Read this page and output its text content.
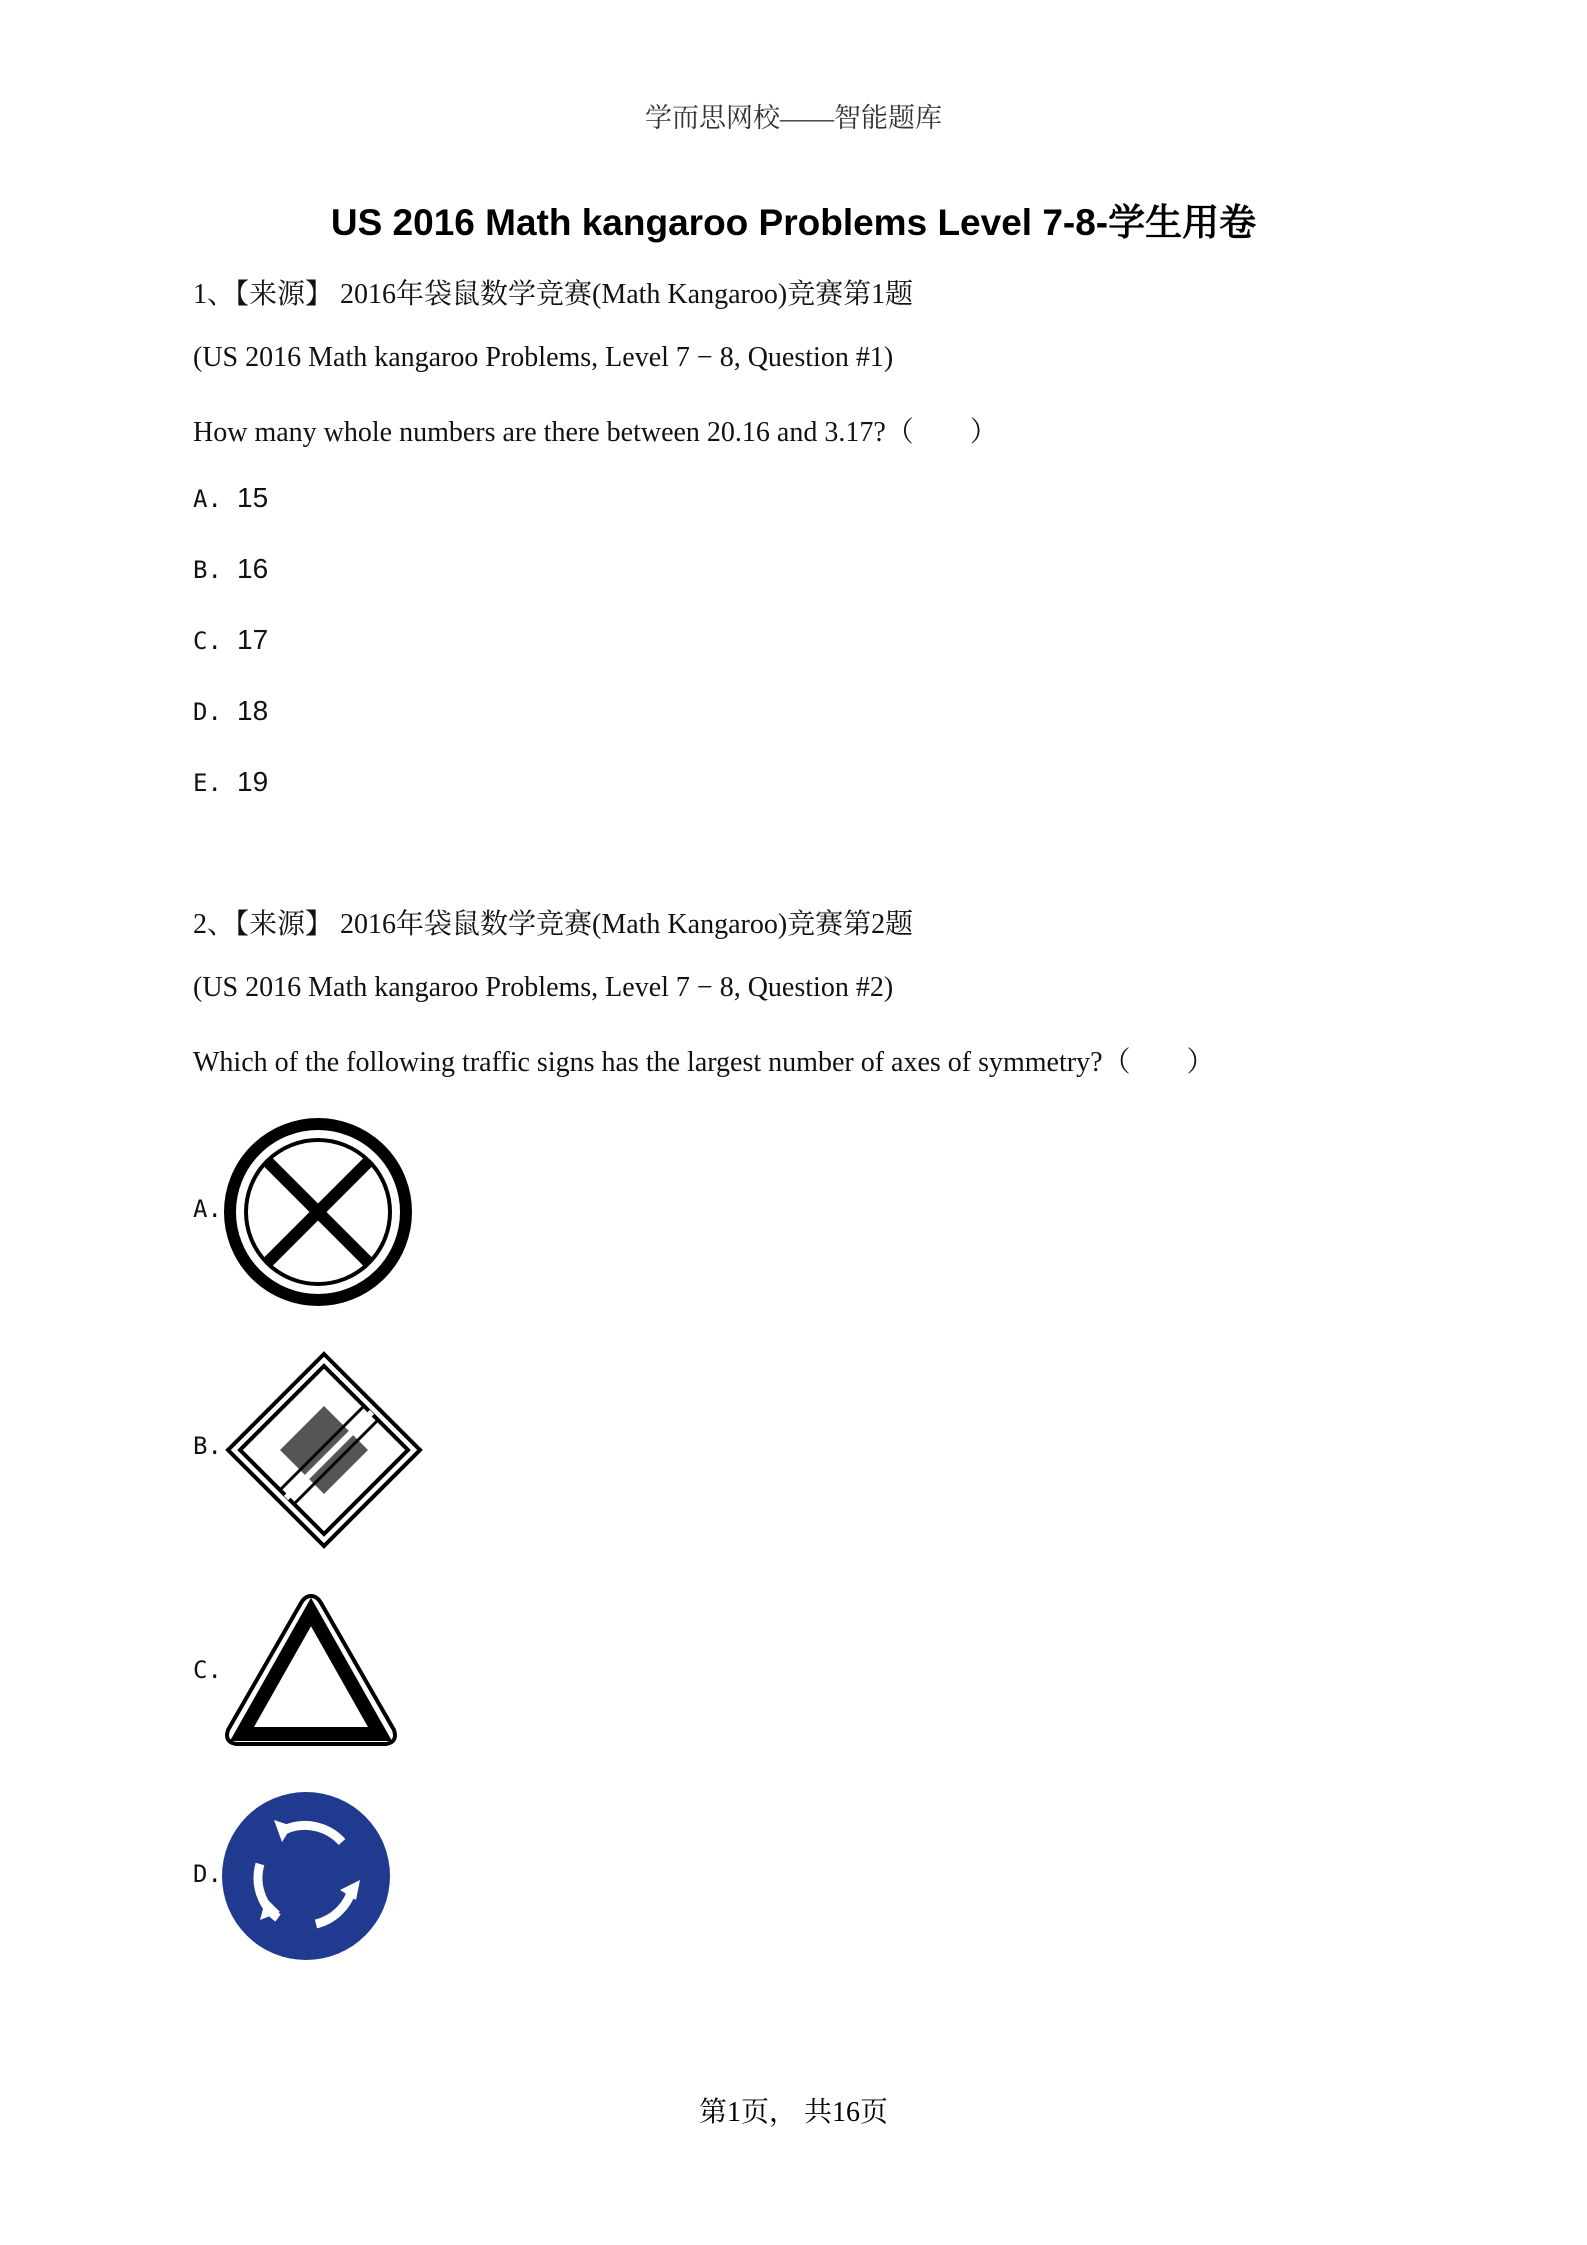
学而思网校——智能题库
US 2016 Math kangaroo Problems Level 7-8-学生用卷
1、【来源】 2016年袋鼠数学竞赛(Math Kangaroo)竞赛第1题
(US 2016 Math kangaroo Problems, Level 7 − 8, Question #1)
How many whole numbers are there between 20.16 and 3.17?（　　）
A. 15
B. 16
C. 17
D. 18
E. 19
2、【来源】 2016年袋鼠数学竞赛(Math Kangaroo)竞赛第2题
(US 2016 Math kangaroo Problems, Level 7 − 8, Question #2)
Which of the following traffic signs has the largest number of axes of symmetry?（　　）
A.
B.
C.
D.
第1页， 共16页
